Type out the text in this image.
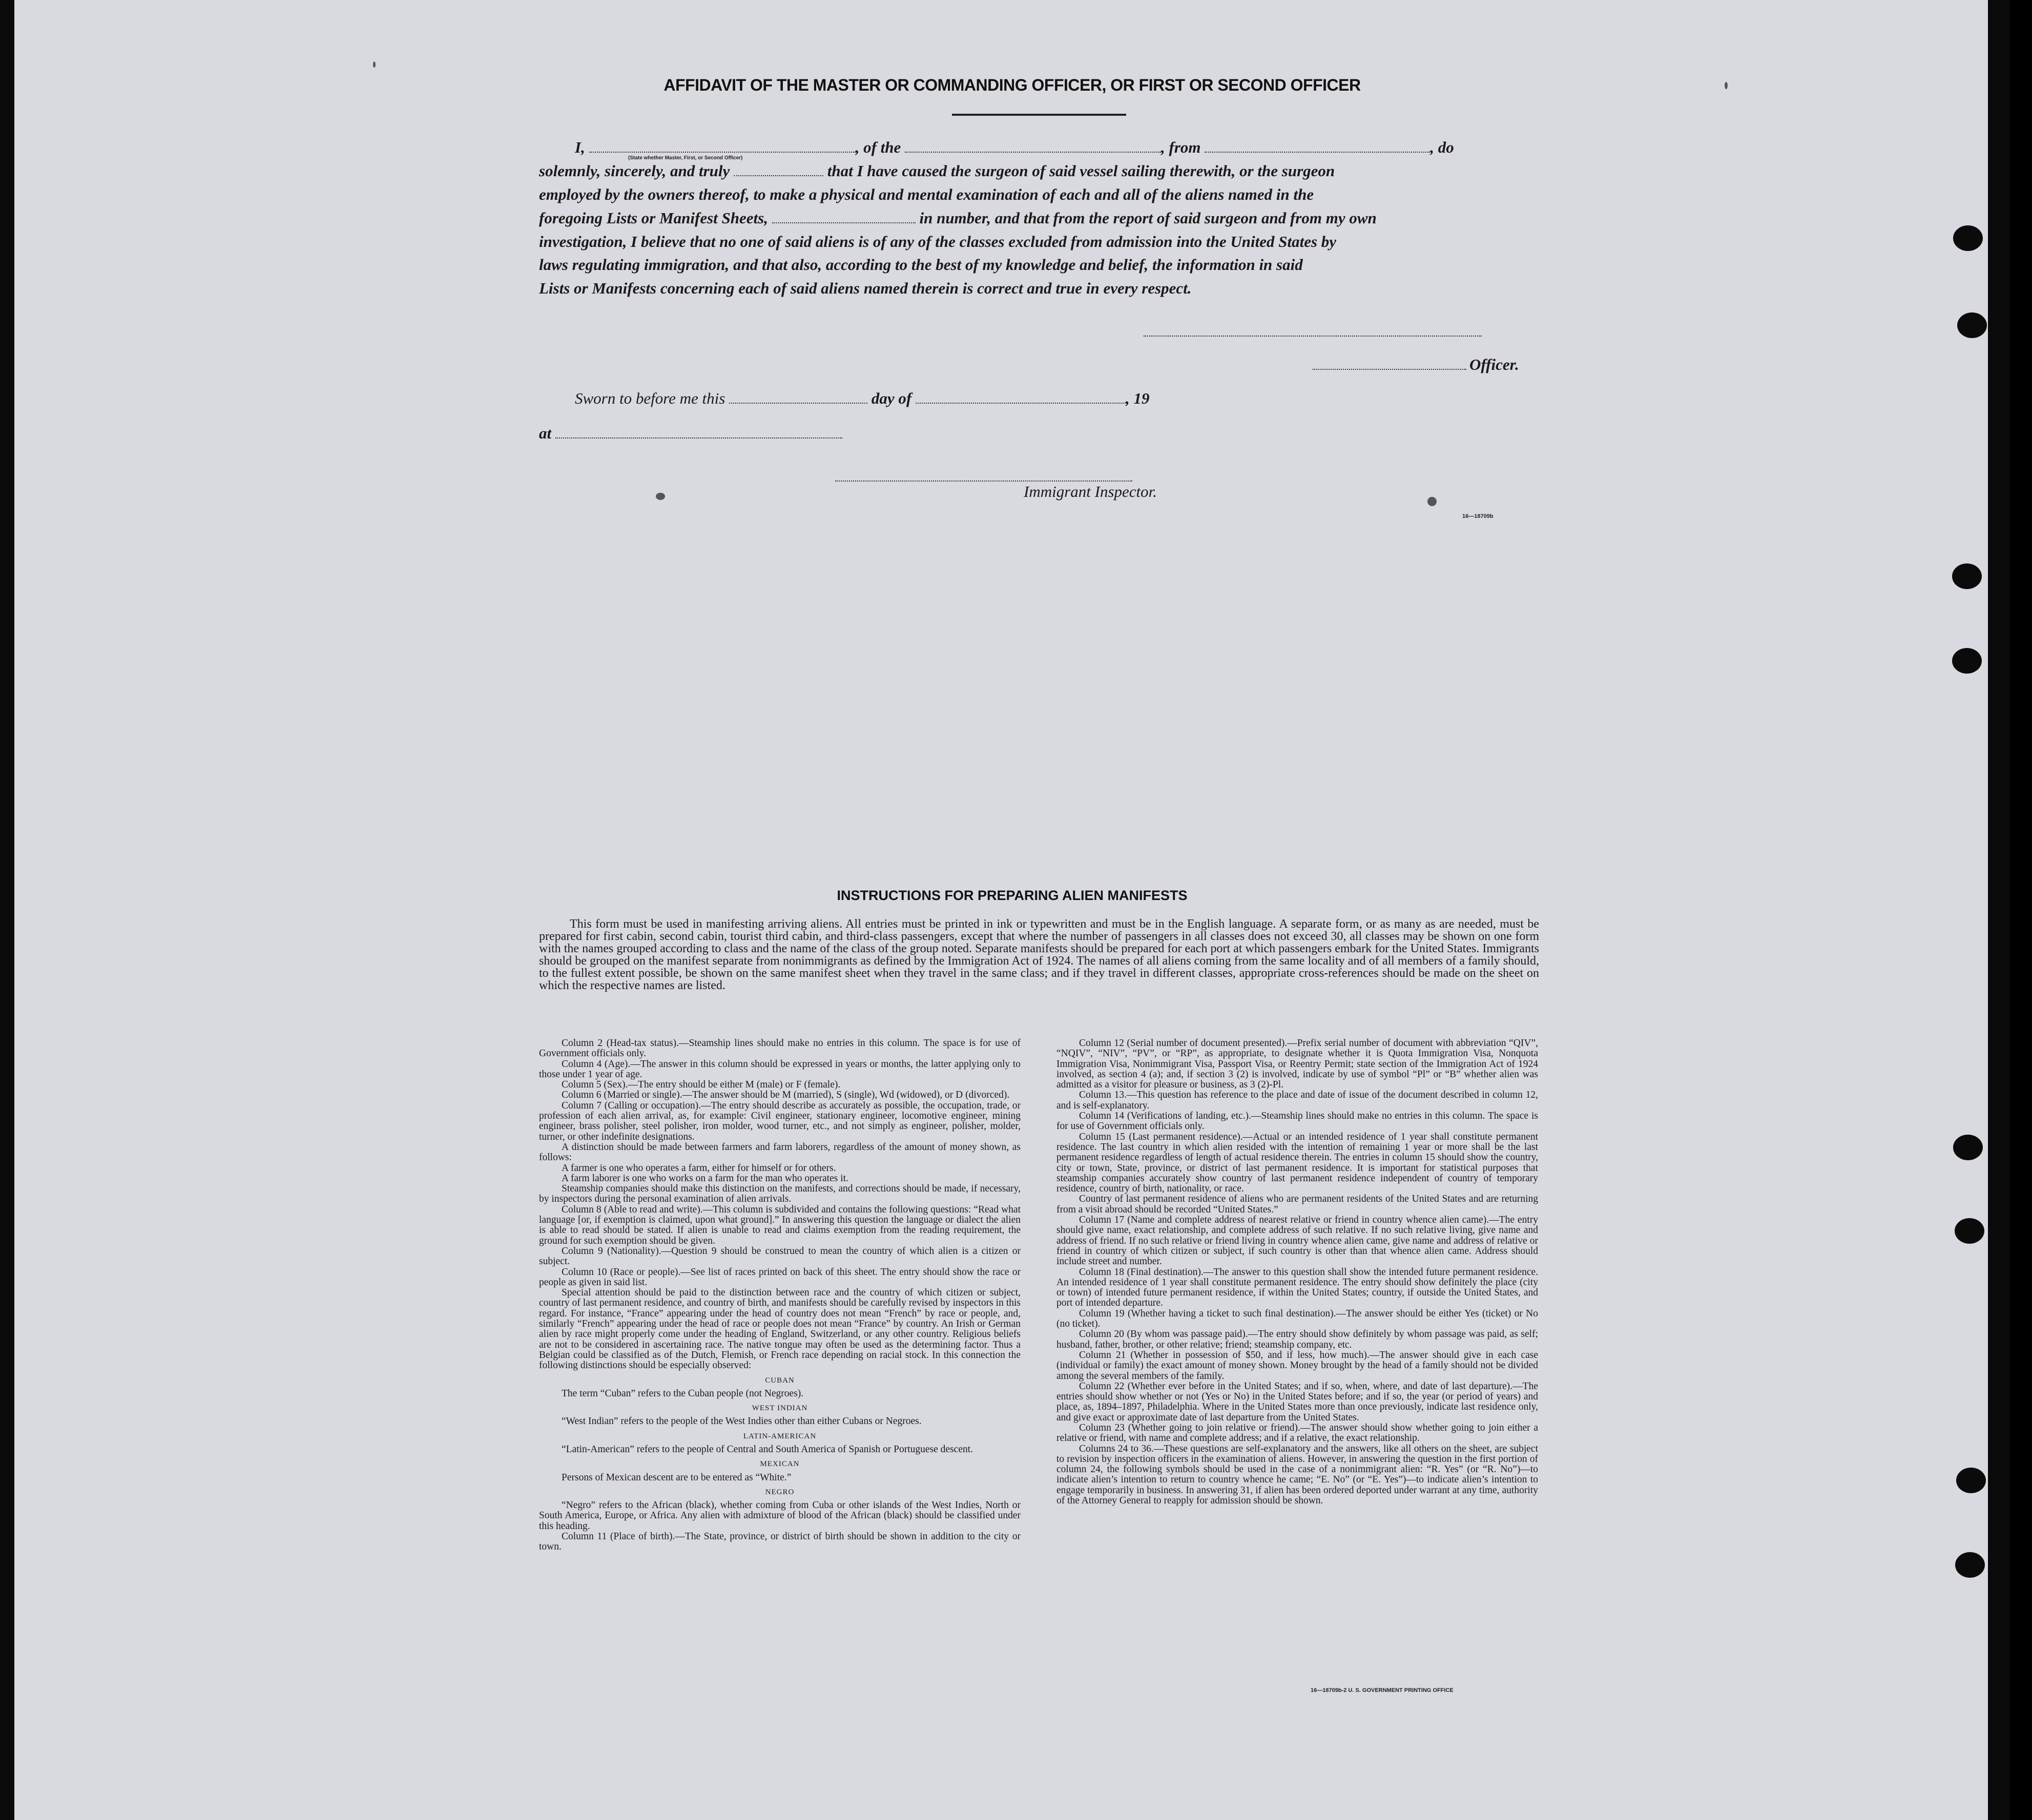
AFFIDAVIT OF THE MASTER OR COMMANDING OFFICER, OR FIRST OR SECOND OFFICER
I,	, of the	, from	, do
(State whether Master, First, or Second Officer)
solemnly, sincerely, and truly	that I have caused the surgeon of said vessel sailing therewith, or the surgeon
employed by the owners thereof, to make a physical and mental examination of each and all of the aliens named in the
foregoing Lists or Manifest Sheets,	in number, and that from the report of said surgeon and from my own
investigation, I believe that no one of said aliens is of any of the classes excluded from admission into the United States by
laws regulating immigration, and that also, according to the best of my knowledge and belief, the information in said
Lists or Manifests concerning each of said aliens named therein is correct and true in every respect.
Officer.
Sworn to before me this	day of	, 19
at
Immigrant Inspector.
16—18709b
INSTRUCTIONS FOR PREPARING ALIEN MANIFESTS
This form must be used in manifesting arriving aliens. All entries must be printed in ink or typewritten and must be in the English language. A separate form, or as many as are needed, must be prepared for first cabin, second cabin, tourist third cabin, and third-class passengers, except that where the number of passengers in all classes does not exceed 30, all classes may be shown on one form with the names grouped according to class and the name of the class of the group noted. Separate manifests should be prepared for each port at which passengers embark for the United States. Immigrants should be grouped on the manifest separate from nonimmigrants as defined by the Immigration Act of 1924. The names of all aliens coming from the same locality and of all members of a family should, to the fullest extent possible, be shown on the same manifest sheet when they travel in the same class; and if they travel in different classes, appropriate cross-references should be made on the sheet on which the respective names are listed.

Column 2 (Head-tax status).—Steamship lines should make no entries in this column. The space is for use of Government officials only.

Column 4 (Age).—The answer in this column should be expressed in years or months, the latter applying only to those under 1 year of age.

Column 5 (Sex).—The entry should be either M (male) or F (female).

Column 6 (Married or single).—The answer should be M (married), S (single), Wd (widowed), or D (divorced).

Column 7 (Calling or occupation).—The entry should describe as accurately as possible, the occupation, trade, or profession of each alien arrival, as, for example: Civil engineer, stationary engineer, locomotive engineer, mining engineer, brass polisher, steel polisher, iron molder, wood turner, etc., and not simply as engineer, polisher, molder, turner, or other indefinite designations.

A distinction should be made between farmers and farm laborers, regardless of the amount of money shown, as follows:

A farmer is one who operates a farm, either for himself or for others.

A farm laborer is one who works on a farm for the man who operates it.

Steamship companies should make this distinction on the manifests, and corrections should be made, if necessary, by inspectors during the personal examination of alien arrivals.

Column 8 (Able to read and write).—This column is subdivided and contains the following questions: “Read what language [or, if exemption is claimed, upon what ground].” In answering this question the language or dialect the alien is able to read should be stated. If alien is unable to read and claims exemption from the reading requirement, the ground for such exemption should be given.

Column 9 (Nationality).—Question 9 should be construed to mean the country of which alien is a citizen or subject.

Column 10 (Race or people).—See list of races printed on back of this sheet. The entry should show the race or people as given in said list.

Special attention should be paid to the distinction between race and the country of which citizen or subject, country of last permanent residence, and country of birth, and manifests should be carefully revised by inspectors in this regard. For instance, “France” appearing under the head of country does not mean “French” by race or people, and, similarly “French” appearing under the head of race or people does not mean “France” by country. An Irish or German alien by race might properly come under the heading of England, Switzerland, or any other country. Religious beliefs are not to be considered in ascertaining race. The native tongue may often be used as the determining factor. Thus a Belgian could be classified as of the Dutch, Flemish, or French race depending on racial stock. In this connection the following distinctions should be especially observed:

CUBAN

The term “Cuban” refers to the Cuban people (not Negroes).

WEST INDIAN

“West Indian” refers to the people of the West Indies other than either Cubans or Negroes.

LATIN-AMERICAN

“Latin-American” refers to the people of Central and South America of Spanish or Portuguese descent.

MEXICAN

Persons of Mexican descent are to be entered as “White.”

NEGRO

“Negro” refers to the African (black), whether coming from Cuba or other islands of the West Indies, North or South America, Europe, or Africa. Any alien with admixture of blood of the African (black) should be classified under this heading.

Column 11 (Place of birth).—The State, province, or district of birth should be shown in addition to the city or town.

Column 12 (Serial number of document presented).—Prefix serial number of document with abbreviation “QIV”, “NQIV”, “NIV”, “PV”, or “RP”, as appropriate, to designate whether it is Quota Immigration Visa, Nonquota Immigration Visa, Nonimmigrant Visa, Passport Visa, or Reentry Permit; state section of the Immigration Act of 1924 involved, as section 4 (a); and, if section 3 (2) is involved, indicate by use of symbol “Pl” or “B” whether alien was admitted as a visitor for pleasure or business, as 3 (2)-Pl.

Column 13.—This question has reference to the place and date of issue of the document described in column 12, and is self-explanatory.

Column 14 (Verifications of landing, etc.).—Steamship lines should make no entries in this column. The space is for use of Government officials only.

Column 15 (Last permanent residence).—Actual or an intended residence of 1 year shall constitute permanent residence. The last country in which alien resided with the intention of remaining 1 year or more shall be the last permanent residence regardless of length of actual residence therein. The entries in column 15 should show the country, city or town, State, province, or district of last permanent residence. It is important for statistical purposes that steamship companies accurately show country of last permanent residence independent of country of temporary residence, country of birth, nationality, or race.

Country of last permanent residence of aliens who are permanent residents of the United States and are returning from a visit abroad should be recorded “United States.”

Column 17 (Name and complete address of nearest relative or friend in country whence alien came).—The entry should give name, exact relationship, and complete address of such relative. If no such relative living, give name and address of friend. If no such relative or friend living in country whence alien came, give name and address of relative or friend in country of which citizen or subject, if such country is other than that whence alien came. Address should include street and number.

Column 18 (Final destination).—The answer to this question shall show the intended future permanent residence. An intended residence of 1 year shall constitute permanent residence. The entry should show definitely the place (city or town) of intended future permanent residence, if within the United States; country, if outside the United States, and port of intended departure.

Column 19 (Whether having a ticket to such final destination).—The answer should be either Yes (ticket) or No (no ticket).

Column 20 (By whom was passage paid).—The entry should show definitely by whom passage was paid, as self; husband, father, brother, or other relative; friend; steamship company, etc.

Column 21 (Whether in possession of $50, and if less, how much).—The answer should give in each case (individual or family) the exact amount of money shown. Money brought by the head of a family should not be divided among the several members of the family.

Column 22 (Whether ever before in the United States; and if so, when, where, and date of last departure).—The entries should show whether or not (Yes or No) in the United States before; and if so, the year (or period of years) and place, as, 1894–1897, Philadelphia. Where in the United States more than once previously, indicate last residence only, and give exact or approximate date of last departure from the United States.

Column 23 (Whether going to join relative or friend).—The answer should show whether going to join either a relative or friend, with name and complete address; and if a relative, the exact relationship.

Columns 24 to 36.—These questions are self-explanatory and the answers, like all others on the sheet, are subject to revision by inspection officers in the examination of aliens. However, in answering the question in the first portion of column 24, the following symbols should be used in the case of a nonimmigrant alien: “R. Yes” (or “R. No”)—to indicate alien’s intention to return to country whence he came; “E. No” (or “E. Yes”)—to indicate alien’s intention to engage temporarily in business. In answering 31, if alien has been ordered deported under warrant at any time, authority of the Attorney General to reapply for admission should be shown.

16—18709b-2 U. S. GOVERNMENT PRINTING OFFICE
